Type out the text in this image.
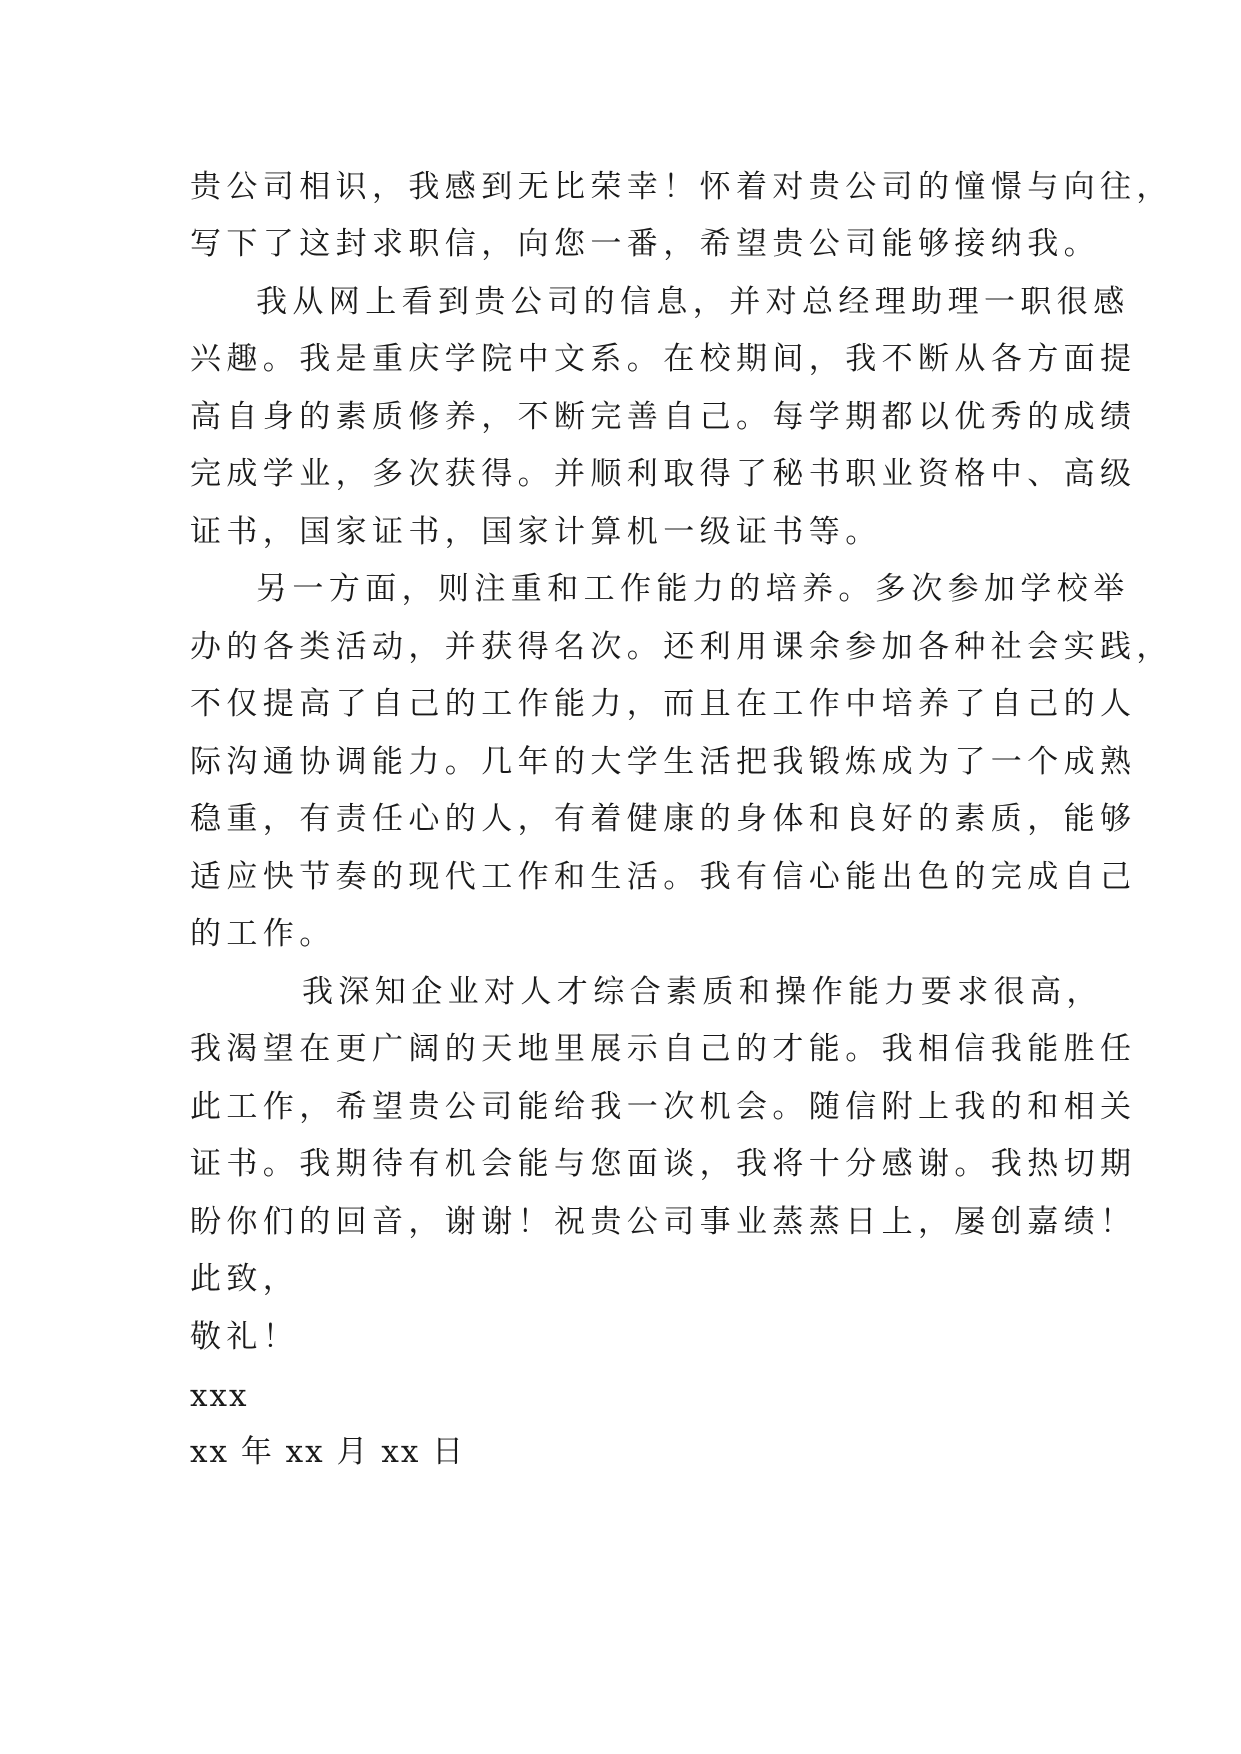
贵公司相识，我感到无比荣幸！怀着对贵公司的憧憬与向往，
写下了这封求职信，向您一番，希望贵公司能够接纳我。
我从网上看到贵公司的信息，并对总经理助理一职很感
兴趣。我是重庆学院中文系。在校期间，我不断从各方面提
高自身的素质修养，不断完善自己。每学期都以优秀的成绩
完成学业，多次获得。并顺利取得了秘书职业资格中、高级
证书，国家证书，国家计算机一级证书等。
另一方面，则注重和工作能力的培养。多次参加学校举
办的各类活动，并获得名次。还利用课余参加各种社会实践，
不仅提高了自己的工作能力，而且在工作中培养了自己的人
际沟通协调能力。几年的大学生活把我锻炼成为了一个成熟
稳重，有责任心的人，有着健康的身体和良好的素质，能够
适应快节奏的现代工作和生活。我有信心能出色的完成自己
的工作。
我深知企业对人才综合素质和操作能力要求很高，
我渴望在更广阔的天地里展示自己的才能。我相信我能胜任
此工作，希望贵公司能给我一次机会。随信附上我的和相关
证书。我期待有机会能与您面谈，我将十分感谢。我热切期
盼你们的回音，谢谢！祝贵公司事业蒸蒸日上，屡创嘉绩！
此致，
敬礼！
xxx
xx 年 xx 月 xx 日
